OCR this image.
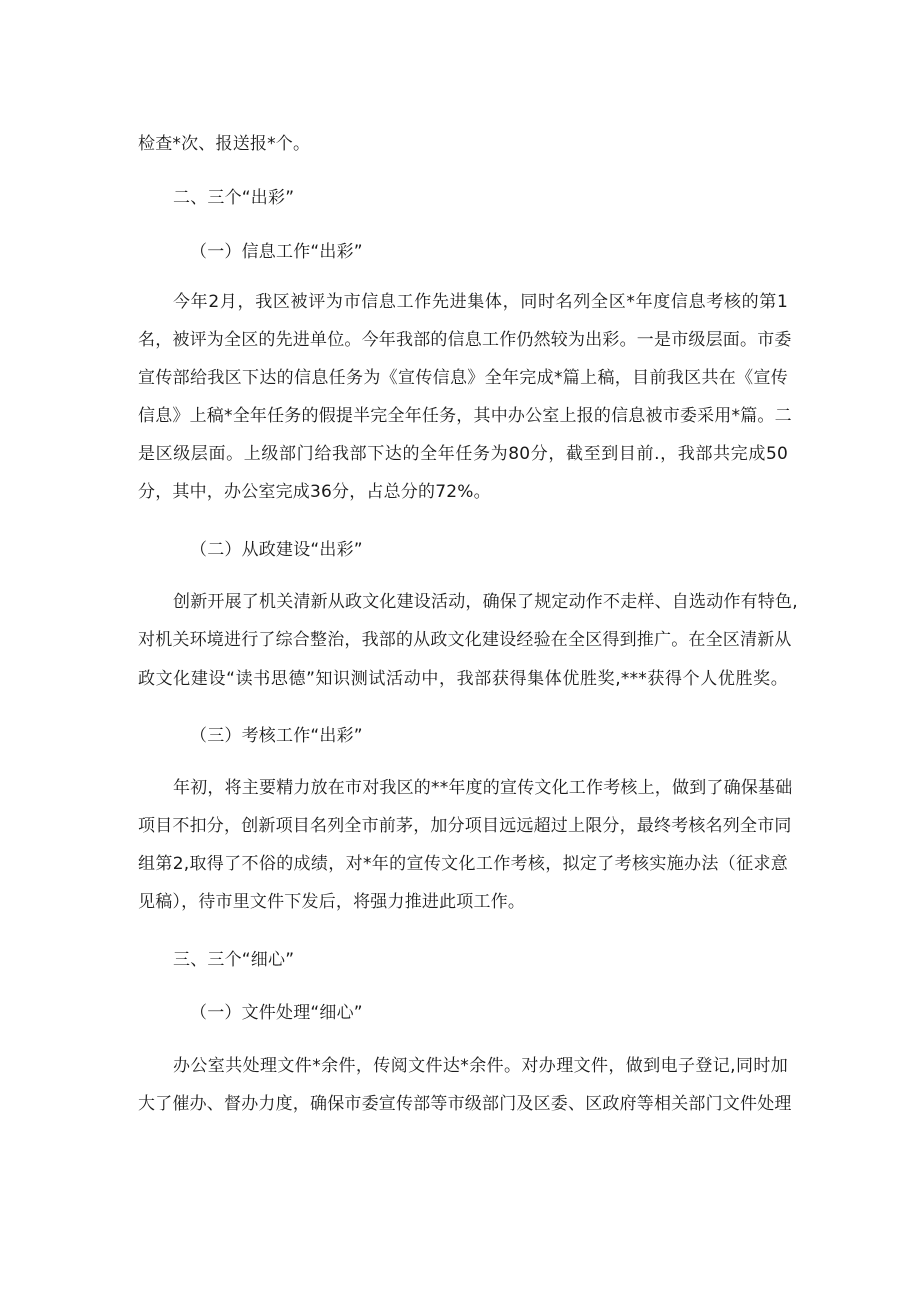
检查*次、报送报*个。
二、三个“出彩”
（一）信息工作“出彩”
今年2月，我区被评为市信息工作先进集体，同时名列全区*年度信息考核的第1
名，被评为全区的先进单位。今年我部的信息工作仍然较为出彩。一是市级层面。市委
宣传部给我区下达的信息任务为《宣传信息》全年完成*篇上稿，目前我区共在《宣传
信息》上稿*全年任务的假提半完全年任务，其中办公室上报的信息被市委采用*篇。二
是区级层面。上级部门给我部下达的全年任务为80分，截至到目前.，我部共完成50
分，其中，办公室完成36分，占总分的72%。
（二）从政建设“出彩”
创新开展了机关清新从政文化建设活动，确保了规定动作不走样、自选动作有特色,
对机关环境进行了综合整治，我部的从政文化建设经验在全区得到推广。在全区清新从
政文化建设“读书思德”知识测试活动中，我部获得集体优胜奖,***获得个人优胜奖。
（三）考核工作“出彩”
年初，将主要精力放在市对我区的**年度的宣传文化工作考核上，做到了确保基础
项目不扣分，创新项目名列全市前茅，加分项目远远超过上限分，最终考核名列全市同
组第2,取得了不俗的成绩，对*年的宣传文化工作考核，拟定了考核实施办法（征求意
见稿），待市里文件下发后，将强力推进此项工作。
三、三个“细心”
（一）文件处理“细心”
办公室共处理文件*余件，传阅文件达*余件。对办理文件，做到电子登记,同时加
大了催办、督办力度，确保市委宣传部等市级部门及区委、区政府等相关部门文件处理
